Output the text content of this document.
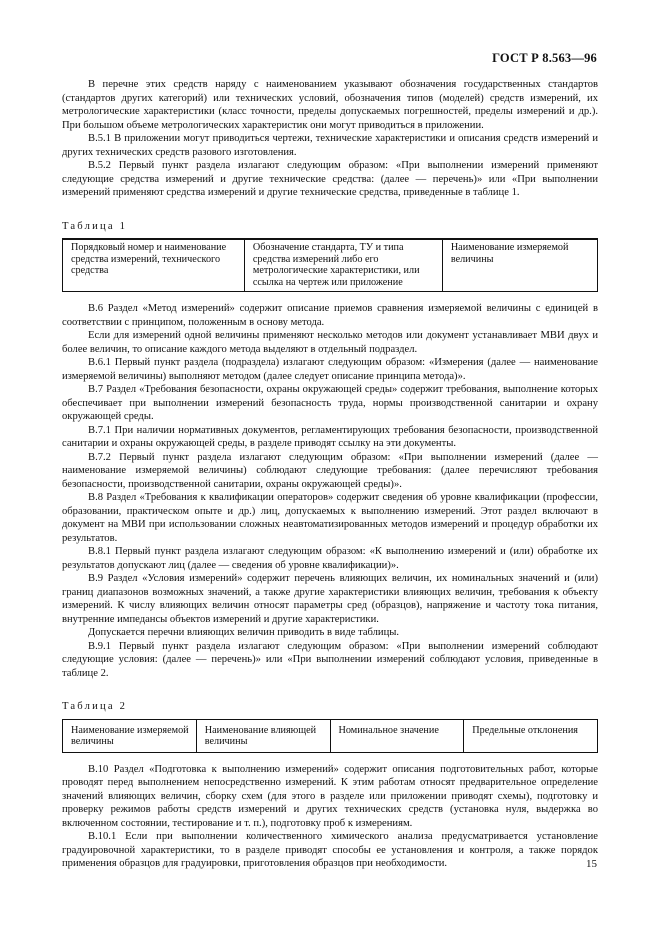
ГОСТ Р 8.563—96

В перечне этих средств наряду с наименованием указывают обозначения государственных стандартов (стандартов других категорий) или технических условий, обозначения типов (моделей) средств измерений, их метрологические характеристики (класс точности, пределы допускаемых погрешностей, пределы измерений и др.). При большом объеме метрологических характеристик они могут приводиться в приложении.

В.5.1 В приложении могут приводиться чертежи, технические характеристики и описания средств измерений и других технических средств разового изготовления.

В.5.2 Первый пункт раздела излагают следующим образом: «При выполнении измерений применяют следующие средства измерений и другие технические средства: (далее — перечень)» или «При выполнении измерений применяют средства измерений и другие технические средства, приведенные в таблице 1.

Таблица 1
Порядковый номер и наименование средства измерений, технического средства	Обозначение стандарта, ТУ и типа средства измерений либо его метрологические характеристики, или ссылка на чертеж или приложение	Наименование измеряемой величины

В.6 Раздел «Метод измерений» содержит описание приемов сравнения измеряемой величины с единицей в соответствии с принципом, положенным в основу метода.

Если для измерений одной величины применяют несколько методов или документ устанавливает МВИ двух и более величин, то описание каждого метода выделяют в отдельный подраздел.

В.6.1 Первый пункт раздела (подраздела) излагают следующим образом: «Измерения (далее — наименование измеряемой величины) выполняют методом (далее следует описание принципа метода)».

В.7 Раздел «Требования безопасности, охраны окружающей среды» содержит требования, выполнение которых обеспечивает при выполнении измерений безопасность труда, нормы производственной санитарии и охрану окружающей среды.

В.7.1 При наличии нормативных документов, регламентирующих требования безопасности, производственной санитарии и охраны окружающей среды, в разделе приводят ссылку на эти документы.

В.7.2 Первый пункт раздела излагают следующим образом: «При выполнении измерений (далее — наименование измеряемой величины) соблюдают следующие требования: (далее перечисляют требования безопасности, производственной санитарии, охраны окружающей среды)».

В.8 Раздел «Требования к квалификации операторов» содержит сведения об уровне квалификации (профессии, образовании, практическом опыте и др.) лиц, допускаемых к выполнению измерений. Этот раздел включают в документ на МВИ при использовании сложных неавтоматизированных методов измерений и процедур обработки их результатов.

В.8.1 Первый пункт раздела излагают следующим образом: «К выполнению измерений и (или) обработке их результатов допускают лиц (далее — сведения об уровне квалификации)».

В.9 Раздел «Условия измерений» содержит перечень влияющих величин, их номинальных значений и (или) границ диапазонов возможных значений, а также другие характеристики влияющих величин, требования к объекту измерений. К числу влияющих величин относят параметры сред (образцов), напряжение и частоту тока питания, внутренние импедансы объектов измерений и другие характеристики.

Допускается перечни влияющих величин приводить в виде таблицы.

В.9.1 Первый пункт раздела излагают следующим образом: «При выполнении измерений соблюдают следующие условия: (далее — перечень)» или «При выполнении измерений соблюдают условия, приведенные в таблице 2.

Таблица 2
Наименование измеряемой величины	Наименование влияющей величины	Номинальное значение	Предельные отклонения

В.10 Раздел «Подготовка к выполнению измерений» содержит описания подготовительных работ, которые проводят перед выполнением непосредственно измерений. К этим работам относят предварительное определение значений влияющих величин, сборку схем (для этого в разделе или приложении приводят схемы), подготовку и проверку режимов работы средств измерений и других технических средств (установка нуля, выдержка во включенном состоянии, тестирование и т. п.), подготовку проб к измерениям.

В.10.1 Если при выполнении количественного химического анализа предусматривается установление градуировочной характеристики, то в разделе приводят способы ее установления и контроля, а также порядок применения образцов для градуировки, приготовления образцов при необходимости.	15
